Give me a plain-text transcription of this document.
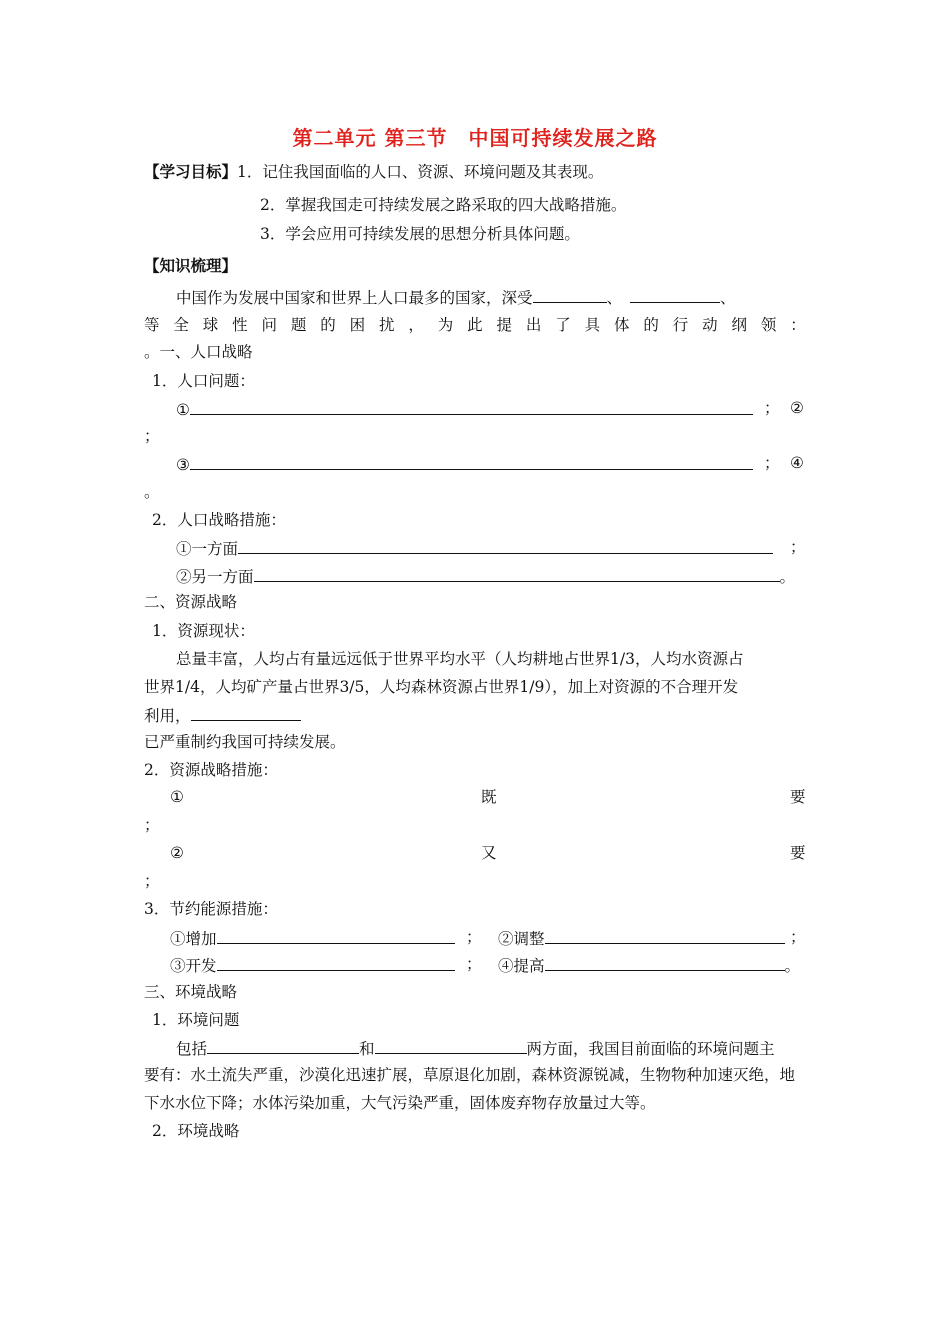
第二单元 第三节　中国可持续发展之路
【学习目标】1．记住我国面临的人口、资源、环境问题及其表现。
2．掌握我国走可持续发展之路采取的四大战略措施。
3．学会应用可持续发展的思想分析具体问题。
【知识梳理】
中国作为发展中国家和世界上人口最多的国家，深受	、	、
等 全 球 性 问 题 的 困 扰 ， 为 此 提 出 了 具 体 的 行 动 纲 领 ：
。一、人口战略
1．人口问题：
①	； ②
；
③	； ④
。
2．人口战略措施：
①一方面	；
②另一方面	。
二、资源战略
1．资源现状：
总量丰富，人均占有量远远低于世界平均水平（人均耕地占世界1/3，人均水资源占
世界1/4，人均矿产量占世界3/5，人均森林资源占世界1/9），加上对资源的不合理开发
利用，
已严重制约我国可持续发展。
2．资源战略措施：
①	既	要
；
②	又	要
；
3．节约能源措施：
①增加	； ②调整	；
③开发	； ④提高	。
三、环境战略
1．环境问题
包括	和	两方面，我国目前面临的环境问题主
要有：水土流失严重，沙漠化迅速扩展，草原退化加剧，森林资源锐减，生物物种加速灭绝，地
下水水位下降；水体污染加重，大气污染严重，固体废弃物存放量过大等。
2．环境战略
